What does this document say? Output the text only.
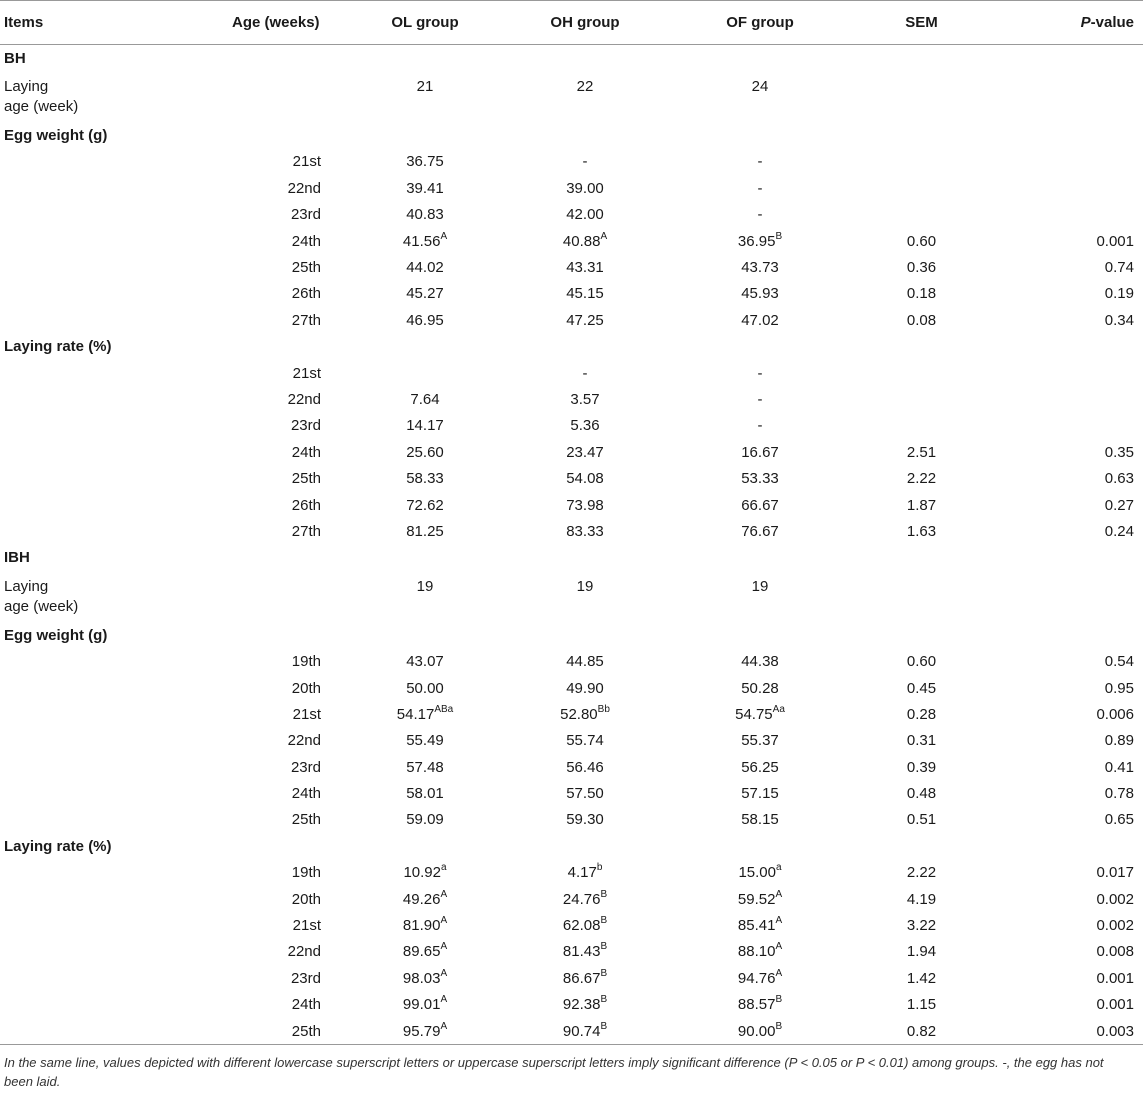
Items	Age (weeks)	OL group	OH group	OF group	SEM	P-value
BH						

Laying
age (week)		21	22	24		
Egg weight (g)						
	21st	36.75	-	-		
	22nd	39.41	39.00	-		
	23rd	40.83	42.00	-		
	24th	$41.56^A$	$40.88^A$	$36.95^B$	0.60	0.001
	25th	44.02	43.31	43.73	0.36	0.74
	26th	45.27	45.15	45.93	0.18	0.19
	27th	46.95	47.25	47.02	0.08	0.34
Laying rate (%)						
	21st		-	-		
	22nd	7.64	3.57	-		
	23rd	14.17	5.36	-		
	24th	25.60	23.47	16.67	2.51	0.35
	25th	58.33	54.08	53.33	2.22	0.63
	26th	72.62	73.98	66.67	1.87	0.27
	27th	81.25	83.33	76.67	1.63	0.24
IBH						

Laying
age (week)		19	19	19		
Egg weight (g)						
	19th	43.07	44.85	44.38	0.60	0.54
	20th	50.00	49.90	50.28	0.45	0.95
	21st	$54.17^{ABa}$	$52.80^{Bb}$	$54.75^{Aa}$	0.28	0.006
	22nd	55.49	55.74	55.37	0.31	0.89
	23rd	57.48	56.46	56.25	0.39	0.41
	24th	58.01	57.50	57.15	0.48	0.78
	25th	59.09	59.30	58.15	0.51	0.65
Laying rate (%)						
	19th	10.92$^a$	4.17$^b$	15.00$^a$	2.22	0.017
	20th	$49.26^A$	$24.76^B$	$59.52^A$	4.19	0.002
	21st	$81.90^A$	$62.08^B$	$85.41^A$	3.22	0.002
	22nd	$89.65^A$	$81.43^B$	$88.10^A$	1.94	0.008
	23rd	$98.03^A$	$86.67^B$	$94.76^A$	1.42	0.001
	24th	$99.01^A$	$92.38^B$	$88.57^B$	1.15	0.001
	25th	$95.79^A$	$90.74^B$	$90.00^B$	0.82	0.003
In the same line, values depicted with different lowercase superscript letters or uppercase superscript letters imply significant difference (P < 0.05 or P < 0.01) among groups. -, the egg has not been laid.
